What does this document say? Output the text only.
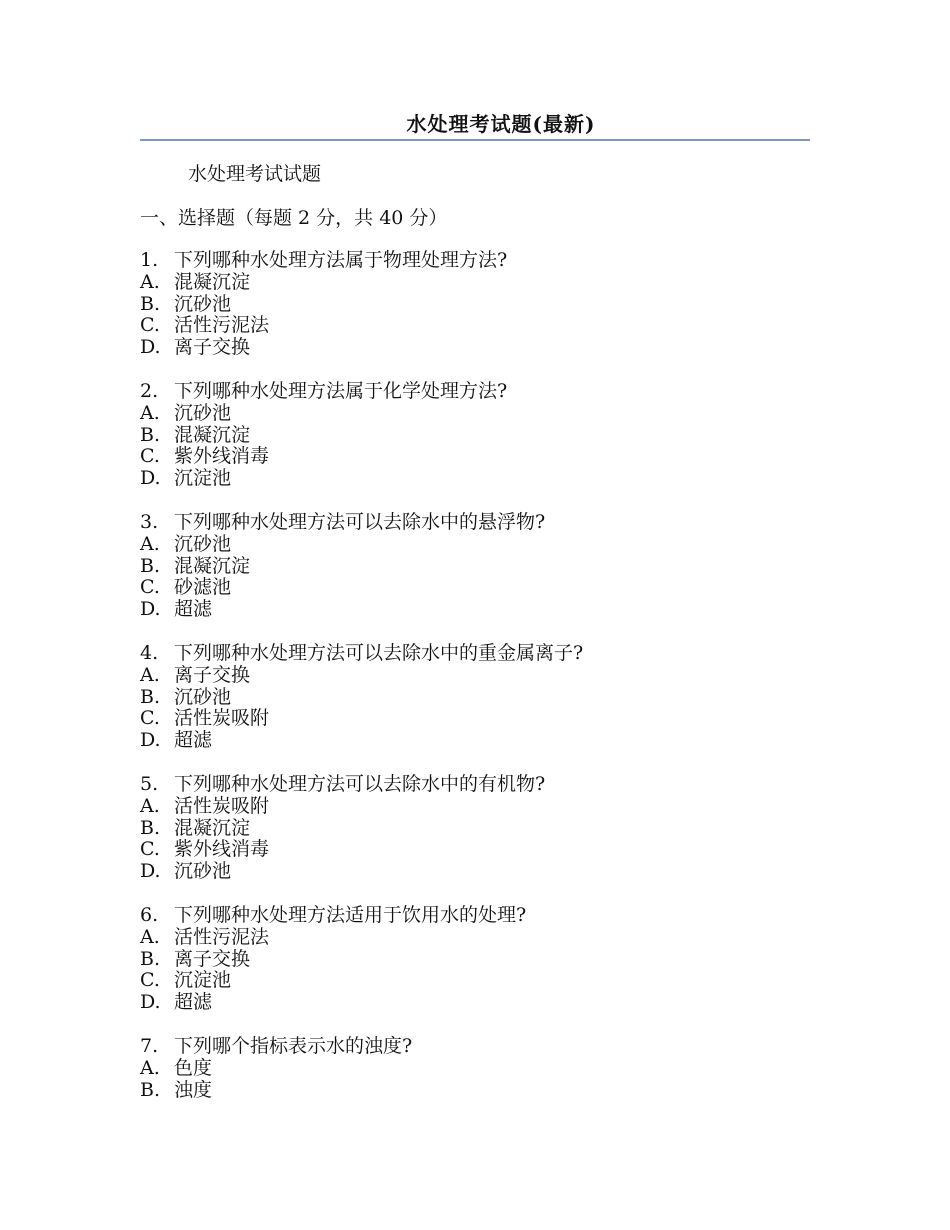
水处理考试题(最新)
水处理考试试题
一、选择题（每题 2 分，共 40 分）
1. 下列哪种水处理方法属于物理处理方法?
A. 混凝沉淀
B. 沉砂池
C. 活性污泥法
D. 离子交换
2. 下列哪种水处理方法属于化学处理方法?
A. 沉砂池
B. 混凝沉淀
C. 紫外线消毒
D. 沉淀池
3. 下列哪种水处理方法可以去除水中的悬浮物?
A. 沉砂池
B. 混凝沉淀
C. 砂滤池
D. 超滤
4. 下列哪种水处理方法可以去除水中的重金属离子?
A. 离子交换
B. 沉砂池
C. 活性炭吸附
D. 超滤
5. 下列哪种水处理方法可以去除水中的有机物?
A. 活性炭吸附
B. 混凝沉淀
C. 紫外线消毒
D. 沉砂池
6. 下列哪种水处理方法适用于饮用水的处理?
A. 活性污泥法
B. 离子交换
C. 沉淀池
D. 超滤
7. 下列哪个指标表示水的浊度?
A. 色度
B. 浊度
